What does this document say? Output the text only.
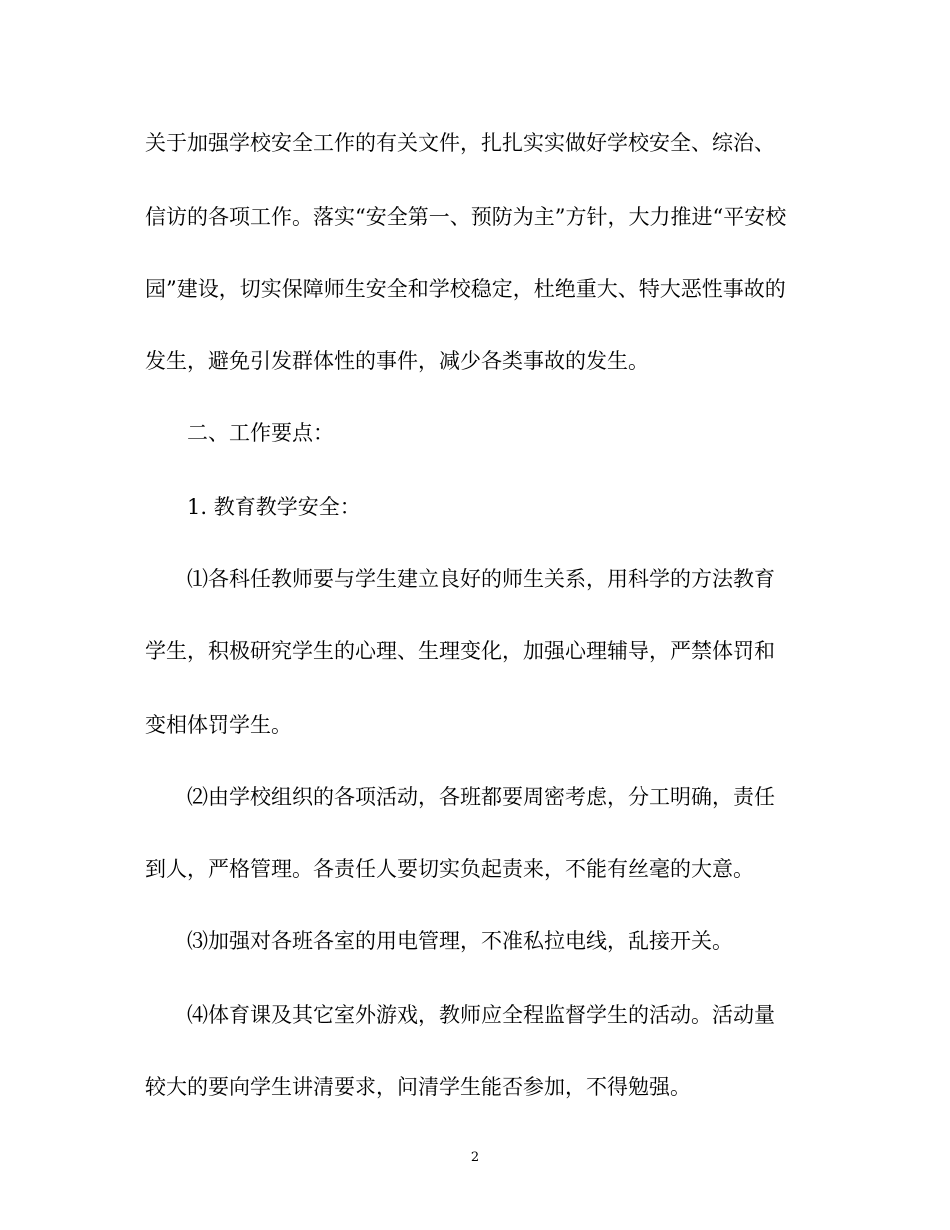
关于加强学校安全工作的有关文件，扎扎实实做好学校安全、综治、
信访的各项工作。落实“安全第一、预防为主”方针，大力推进“平安校
园”建设，切实保障师生安全和学校稳定，杜绝重大、特大恶性事故的
发生，避免引发群体性的事件，减少各类事故的发生。
二、工作要点：
1. 教育教学安全：
⑴各科任教师要与学生建立良好的师生关系，用科学的方法教育
学生，积极研究学生的心理、生理变化，加强心理辅导，严禁体罚和
变相体罚学生。
⑵由学校组织的各项活动，各班都要周密考虑，分工明确，责任
到人，严格管理。各责任人要切实负起责来，不能有丝毫的大意。
⑶加强对各班各室的用电管理，不准私拉电线，乱接开关。
⑷体育课及其它室外游戏，教师应全程监督学生的活动。活动量
较大的要向学生讲清要求，问清学生能否参加，不得勉强。
2
